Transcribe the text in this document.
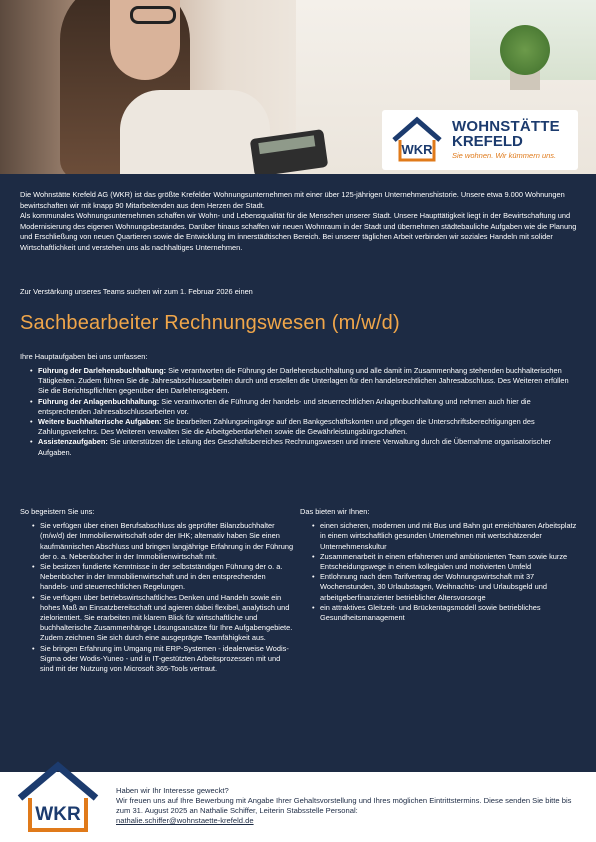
WKR
WOHNSTÄTTE
KREFELD
Sie wohnen. Wir kümmern uns.

Die Wohnstätte Krefeld AG (WKR) ist das größte Krefelder Wohnungsunternehmen mit einer über 125-jährigen Unternehmenshistorie. Unsere etwa 9.000 Wohnungen bewirtschaften wir mit knapp 90 Mitarbeitenden aus dem Herzen der Stadt.

Als kommunales Wohnungsunternehmen schaffen wir Wohn- und Lebensqualität für die Menschen unserer Stadt. Unsere Haupttätigkeit liegt in der Bewirtschaftung und Modernisierung des eigenen Wohnungsbestandes. Darüber hinaus schaffen wir neuen Wohnraum in der Stadt und übernehmen städtebauliche Aufgaben wie die Planung und Erschließung von neuen Quartieren sowie die Entwicklung im innerstädtischen Bereich. Bei unserer täglichen Arbeit verbinden wir soziales Handeln mit solider Wirtschaftlichkeit und verstehen uns als nachhaltiges Unternehmen.

Zur Verstärkung unseres Teams suchen wir zum 1. Februar 2026 einen
Sachbearbeiter Rechnungswesen (m/w/d)
Ihre Hauptaufgaben bei uns umfassen:
• Führung der Darlehensbuchhaltung: Sie verantworten die Führung der Darlehensbuchhaltung und alle damit im Zusammenhang stehenden buchhalterischen Tätigkeiten. Zudem führen Sie die Jahresabschlussarbeiten durch und erstellen die Unterlagen für den handelsrechtlichen Jahresabschluss. Des Weiteren erfüllen Sie die Berichtspflichten gegenüber den Darlehensgebern.
• Führung der Anlagenbuchhaltung: Sie verantworten die Führung der handels- und steuerrechtlichen Anlagenbuchhaltung und nehmen auch hier die entsprechenden Jahresabschlussarbeiten vor.
• Weitere buchhalterische Aufgaben: Sie bearbeiten Zahlungseingänge auf den Bankgeschäftskonten und pflegen die Unterschriftsberechtigungen des Zahlungsverkehrs. Des Weiteren verwalten Sie die Arbeitgeberdarlehen sowie die Gewährleistungsbürgschaften.
• Assistenzaufgaben: Sie unterstützen die Leitung des Geschäftsbereiches Rechnungswesen und innere Verwaltung durch die Übernahme organisatorischer Aufgaben.
So begeistern Sie uns:
• Sie verfügen über einen Berufsabschluss als geprüfter Bilanzbuchhalter (m/w/d) der Immobilienwirtschaft oder der IHK; alternativ haben Sie einen kaufmännischen Abschluss und bringen langjährige Erfahrung in der Führung der o. a. Nebenbücher in der Immobilienwirtschaft mit.
• Sie besitzen fundierte Kenntnisse in der selbstständigen Führung der o. a. Nebenbücher in der Immobilienwirtschaft und in den entsprechenden handels- und steuerrechtlichen Regelungen.
• Sie verfügen über betriebswirtschaftliches Denken und Handeln sowie ein hohes Maß an Einsatzbereitschaft und agieren dabei flexibel, analytisch und zielorientiert. Sie erarbeiten mit klarem Blick für wirtschaftliche und buchhalterische Zusammenhänge Lösungsansätze für Ihre Aufgabengebiete. Zudem zeichnen Sie sich durch eine ausgeprägte Teamfähigkeit aus.
• Sie bringen Erfahrung im Umgang mit ERP-Systemen - idealerweise Wodis-Sigma oder Wodis-Yuneo - und in IT-gestützten Arbeitsprozessen mit und sind mit der Nutzung von Microsoft 365-Tools vertraut.
Das bieten wir Ihnen:
• einen sicheren, modernen und mit Bus und Bahn gut erreichbaren Arbeitsplatz in einem wirtschaftlich gesunden Unternehmen mit wertschätzender Unternehmenskultur
• Zusammenarbeit in einem erfahrenen und ambitionierten Team sowie kurze Entscheidungswege in einem kollegialen und motivierten Umfeld
• Entlohnung nach dem Tarifvertrag der Wohnungswirtschaft mit 37 Wochenstunden, 30 Urlaubstagen, Weihnachts- und Urlaubsgeld und arbeitgeberfinanzierter betrieblicher Altersvorsorge
• ein attraktives Gleitzeit- und Brückentagsmodell sowie betriebliches Gesundheitsmanagement
WKR
Haben wir Ihr Interesse geweckt?
Wir freuen uns auf Ihre Bewerbung mit Angabe Ihrer Gehaltsvorstellung und Ihres möglichen Eintrittstermins. Diese senden Sie bitte bis zum 31. August 2025 an Nathalie Schiffer, Leiterin Stabsstelle Personal:
nathalie.schiffer@wohnstaette-krefeld.de
